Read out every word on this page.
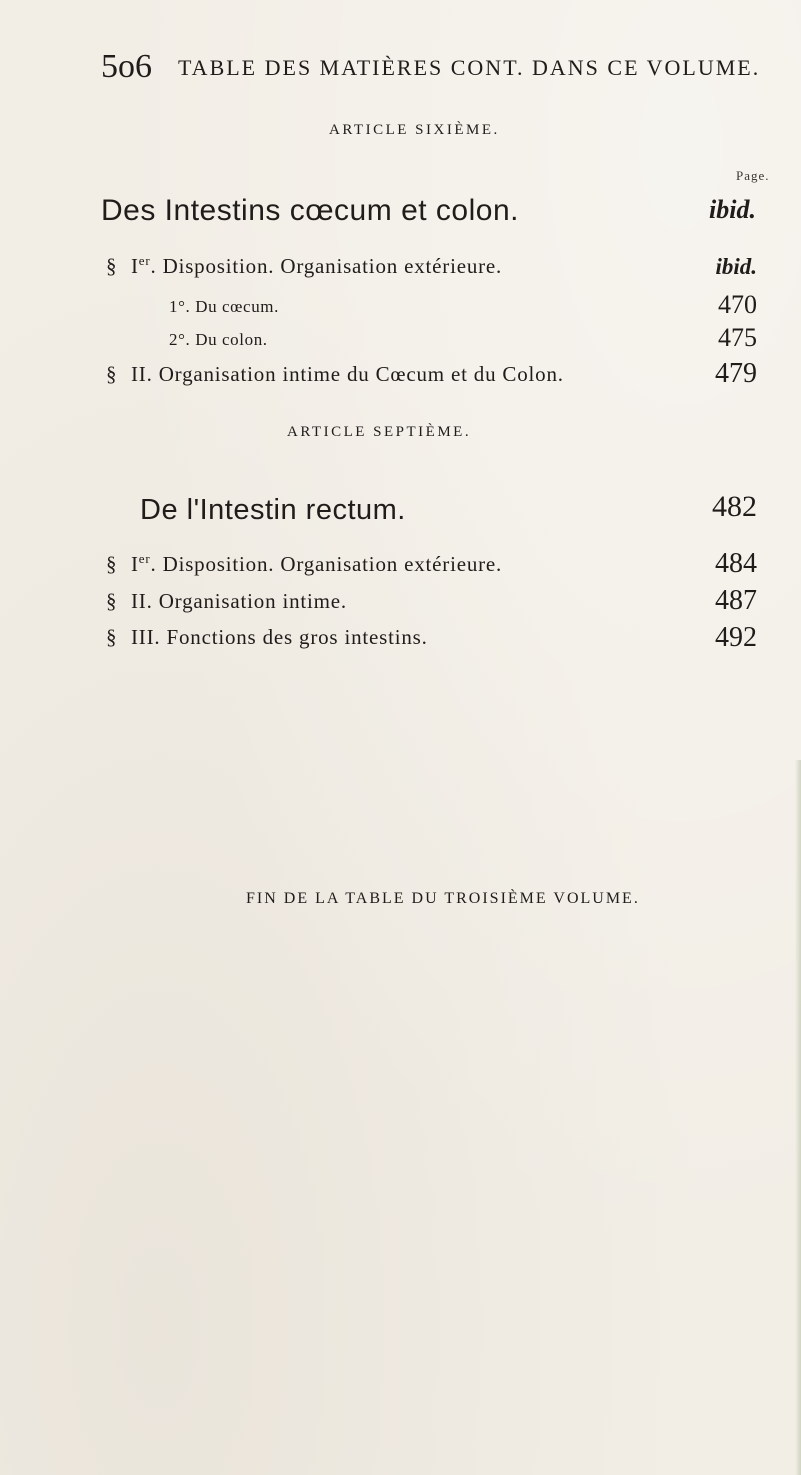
5o6 TABLE DES MATIÈRES CONT. DANS CE VOLUME.
ARTICLE SIXIÈME.
Page.
Des Intestins cœcum et colon.	ibid.
§ Ier. Disposition. Organisation extérieure.	ibid.
1°. Du cœcum.	470
2°. Du colon.	475
§ II. Organisation intime du Cœcum et du Colon.	479
ARTICLE SEPTIÈME.
De l'Intestin rectum.	482
§ Ier. Disposition. Organisation extérieure.	484
§ II. Organisation intime.	487
§ III. Fonctions des gros intestins.	492
FIN DE LA TABLE DU TROISIÈME VOLUME.
